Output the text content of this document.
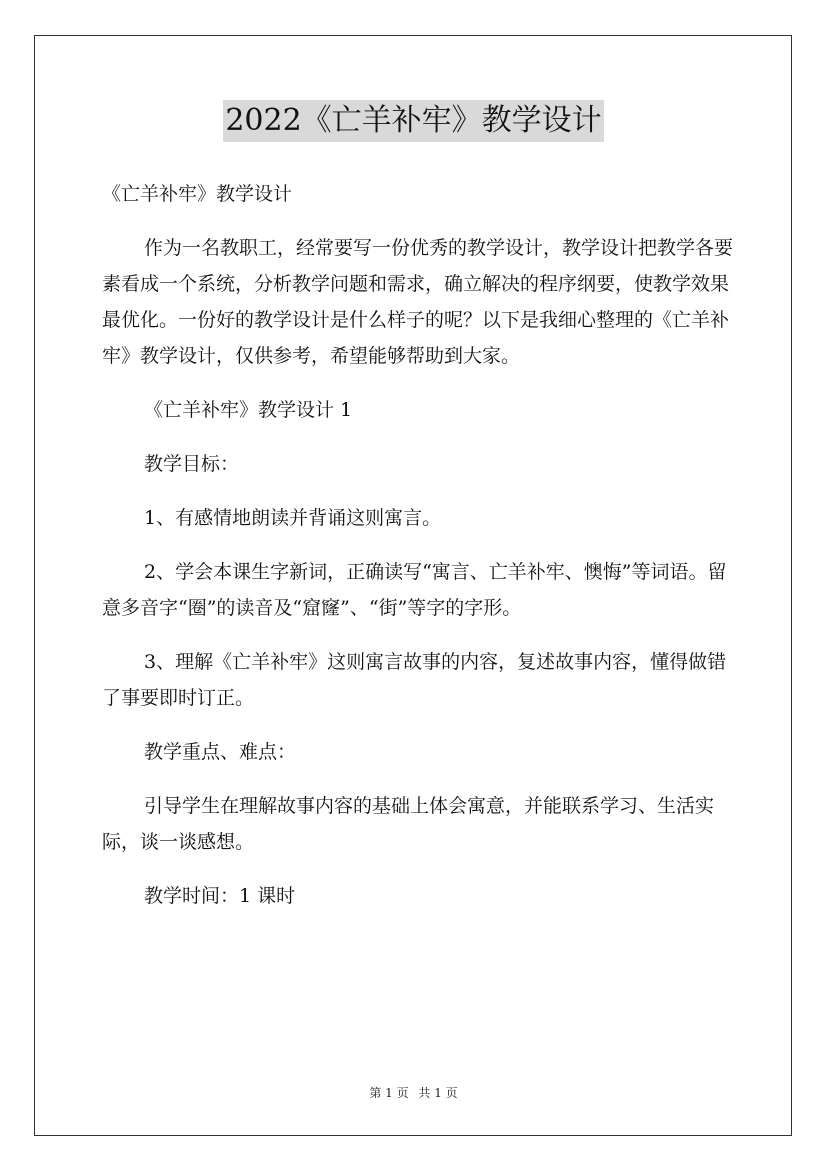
2022《亡羊补牢》教学设计

《亡羊补牢》教学设计

作为一名教职工，经常要写一份优秀的教学设计，教学设计把教学各要素看成一个系统，分析教学问题和需求，确立解决的程序纲要，使教学效果最优化。一份好的教学设计是什么样子的呢？以下是我细心整理的《亡羊补牢》教学设计，仅供参考，希望能够帮助到大家。

《亡羊补牢》教学设计 1

教学目标：

1、有感情地朗读并背诵这则寓言。

2、学会本课生字新词，正确读写“寓言、亡羊补牢、懊悔”等词语。留意多音字“圈”的读音及“窟窿”、“街”等字的字形。

3、理解《亡羊补牢》这则寓言故事的内容，复述故事内容，懂得做错了事要即时订正。

教学重点、难点：

引导学生在理解故事内容的基础上体会寓意，并能联系学习、生活实际，谈一谈感想。

教学时间：1 课时

第 1 页 共 1 页
